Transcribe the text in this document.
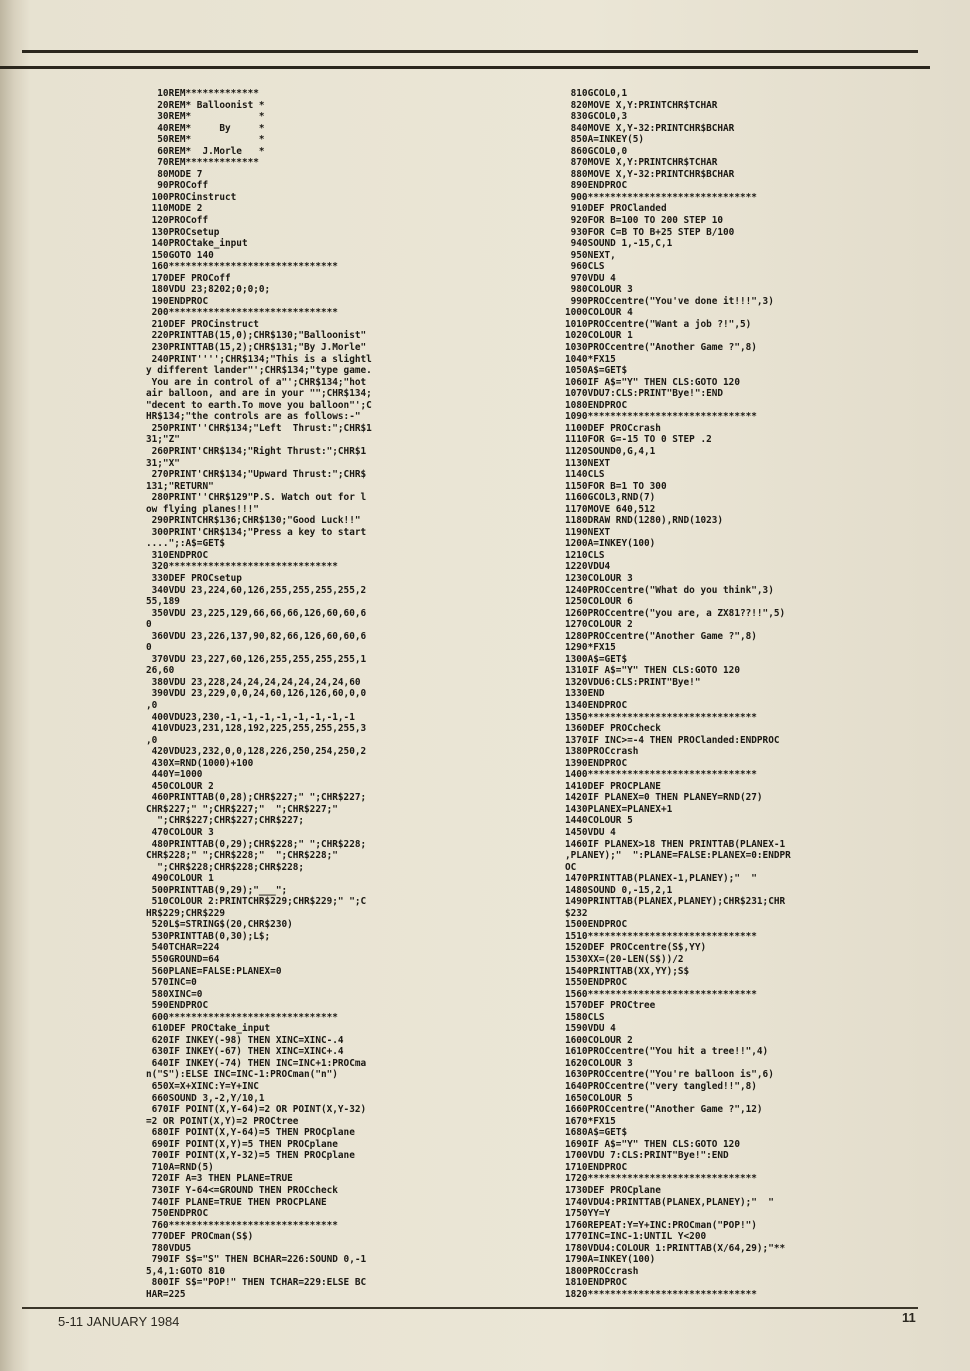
10REM*************
20REM* Balloonist *
30REM*            *
40REM*     By     *
50REM*            *
60REM*  J.Morle   *
70REM*************
80MODE 7
90PROCoff
100PROCinstruct
110MODE 2
120PROCoff
130PROCsetup
140PROCtake_input
150GOTO 140
160******************************
170DEF PROCoff
180VDU 23;8202;0;0;0;
190ENDPROC
200******************************
210DEF PROCinstruct
220PRINTTAB(15,0);CHR$130;"Balloonist"
230PRINTTAB(15,2);CHR$131;"By J.Morle"
240PRINT'''';CHR$134;"This is a slightl
y different lander"';CHR$134;"type game.
You are in control of a"';CHR$134;"hot
air balloon, and are in your "";CHR$134;
"decent to earth.To move you balloon"';C
HR$134;"the controls are as follows:-"
250PRINT''CHR$134;"Left  Thrust:";CHR$1
31;"Z"
260PRINT'CHR$134;"Right Thrust:";CHR$1
31;"X"
270PRINT'CHR$134;"Upward Thrust:";CHR$
131;"RETURN"
280PRINT''CHR$129"P.S. Watch out for l
ow flying planes!!!"
290PRINTCHR$136;CHR$130;"Good Luck!!"
300PRINT'CHR$134;"Press a key to start
....";:A$=GET$
310ENDPROC
320******************************
330DEF PROCsetup
340VDU 23,224,60,126,255,255,255,255,2
55,189
350VDU 23,225,129,66,66,66,126,60,60,6
0
360VDU 23,226,137,90,82,66,126,60,60,6
0
370VDU 23,227,60,126,255,255,255,255,1
26,60
380VDU 23,228,24,24,24,24,24,24,24,60
390VDU 23,229,0,0,24,60,126,126,60,0,0
,0
400VDU23,230,-1,-1,-1,-1,-1,-1,-1,-1
410VDU23,231,128,192,225,255,255,255,3
,0
420VDU23,232,0,0,128,226,250,254,250,2
430X=RND(1000)+100
440Y=1000
450COLOUR 2
460PRINTTAB(0,28);CHR$227;" ";CHR$227;
CHR$227;" ";CHR$227;"  ";CHR$227;"
";CHR$227;CHR$227;CHR$227;
470COLOUR 3
480PRINTTAB(0,29);CHR$228;" ";CHR$228;
CHR$228;" ";CHR$228;"  ";CHR$228;"
";CHR$228;CHR$228;CHR$228;
490COLOUR 1
500PRINTTAB(9,29);"___";
510COLOUR 2:PRINTCHR$229;CHR$229;" ";C
HR$229;CHR$229
520L$=STRING$(20,CHR$230)
530PRINTTAB(0,30);L$;
540TCHAR=224
550GROUND=64
560PLANE=FALSE:PLANEX=0
570INC=0
580XINC=0
590ENDPROC
600******************************
610DEF PROCtake_input
620IF INKEY(-98) THEN XINC=XINC-.4
630IF INKEY(-67) THEN XINC=XINC+.4
640IF INKEY(-74) THEN INC=INC+1:PROCma
n("S"):ELSE INC=INC-1:PROCman("n")
650X=X+XINC:Y=Y+INC
660SOUND 3,-2,Y/10,1
670IF POINT(X,Y-64)=2 OR POINT(X,Y-32)
=2 OR POINT(X,Y)=2 PROCtree
680IF POINT(X,Y-64)=5 THEN PROCplane
690IF POINT(X,Y)=5 THEN PROCplane
700IF POINT(X,Y-32)=5 THEN PROCplane
710A=RND(5)
720IF A=3 THEN PLANE=TRUE
730IF Y-64<=GROUND THEN PROCcheck
740IF PLANE=TRUE THEN PROCPLANE
750ENDPROC
760******************************
770DEF PROCman(S$)
780VDU5
790IF S$="S" THEN BCHAR=226:SOUND 0,-1
5,4,1:GOTO 810
800IF S$="POP!" THEN TCHAR=229:ELSE BC
HAR=225
810GCOL0,1
820MOVE X,Y:PRINTCHR$TCHAR
830GCOL0,3
840MOVE X,Y-32:PRINTCHR$BCHAR
850A=INKEY(5)
860GCOL0,0
870MOVE X,Y:PRINTCHR$TCHAR
880MOVE X,Y-32:PRINTCHR$BCHAR
890ENDPROC
900******************************
910DEF PROClanded
920FOR B=100 TO 200 STEP 10
930FOR C=B TO B+25 STEP B/100
940SOUND 1,-15,C,1
950NEXT,
960CLS
970VDU 4
980COLOUR 3
990PROCcentre("You've done it!!!",3)
1000COLOUR 4
1010PROCcentre("Want a job ?!",5)
1020COLOUR 1
1030PROCcentre("Another Game ?",8)
1040*FX15
1050A$=GET$
1060IF A$="Y" THEN CLS:GOTO 120
1070VDU7:CLS:PRINT"Bye!":END
1080ENDPROC
1090******************************
1100DEF PROCcrash
1110FOR G=-15 TO 0 STEP .2
1120SOUND0,G,4,1
1130NEXT
1140CLS
1150FOR B=1 TO 300
1160GCOL3,RND(7)
1170MOVE 640,512
1180DRAW RND(1280),RND(1023)
1190NEXT
1200A=INKEY(100)
1210CLS
1220VDU4
1230COLOUR 3
1240PROCcentre("What do you think",3)
1250COLOUR 6
1260PROCcentre("you are, a ZX81??!!",5)
1270COLOUR 2
1280PROCcentre("Another Game ?",8)
1290*FX15
1300A$=GET$
1310IF A$="Y" THEN CLS:GOTO 120
1320VDU6:CLS:PRINT"Bye!"
1330END
1340ENDPROC
1350******************************
1360DEF PROCcheck
1370IF INC>=-4 THEN PROClanded:ENDPROC
1380PROCcrash
1390ENDPROC
1400******************************
1410DEF PROCPLANE
1420IF PLANEX=0 THEN PLANEY=RND(27)
1430PLANEX=PLANEX+1
1440COLOUR 5
1450VDU 4
1460IF PLANEX>18 THEN PRINTTAB(PLANEX-1
,PLANEY);"  ":PLANE=FALSE:PLANEX=0:ENDPR
OC
1470PRINTTAB(PLANEX-1,PLANEY);"  "
1480SOUND 0,-15,2,1
1490PRINTTAB(PLANEX,PLANEY);CHR$231;CHR
$232
1500ENDPROC
1510******************************
1520DEF PROCcentre(S$,YY)
1530XX=(20-LEN(S$))/2
1540PRINTTAB(XX,YY);S$
1550ENDPROC
1560******************************
1570DEF PROCtree
1580CLS
1590VDU 4
1600COLOUR 2
1610PROCcentre("You hit a tree!!",4)
1620COLOUR 3
1630PROCcentre("You're balloon is",6)
1640PROCcentre("very tangled!!",8)
1650COLOUR 5
1660PROCcentre("Another Game ?",12)
1670*FX15
1680A$=GET$
1690IF A$="Y" THEN CLS:GOTO 120
1700VDU 7:CLS:PRINT"Bye!":END
1710ENDPROC
1720******************************
1730DEF PROCplane
1740VDU4:PRINTTAB(PLANEX,PLANEY);"  "
1750YY=Y
1760REPEAT:Y=Y+INC:PROCman("POP!")
1770INC=INC-1:UNTIL Y<200
1780VDU4:COLOUR 1:PRINTTAB(X/64,29);"**
1790A=INKEY(100)
1800PROCcrash
1810ENDPROC
1820******************************
5-11 JANUARY 1984	11
